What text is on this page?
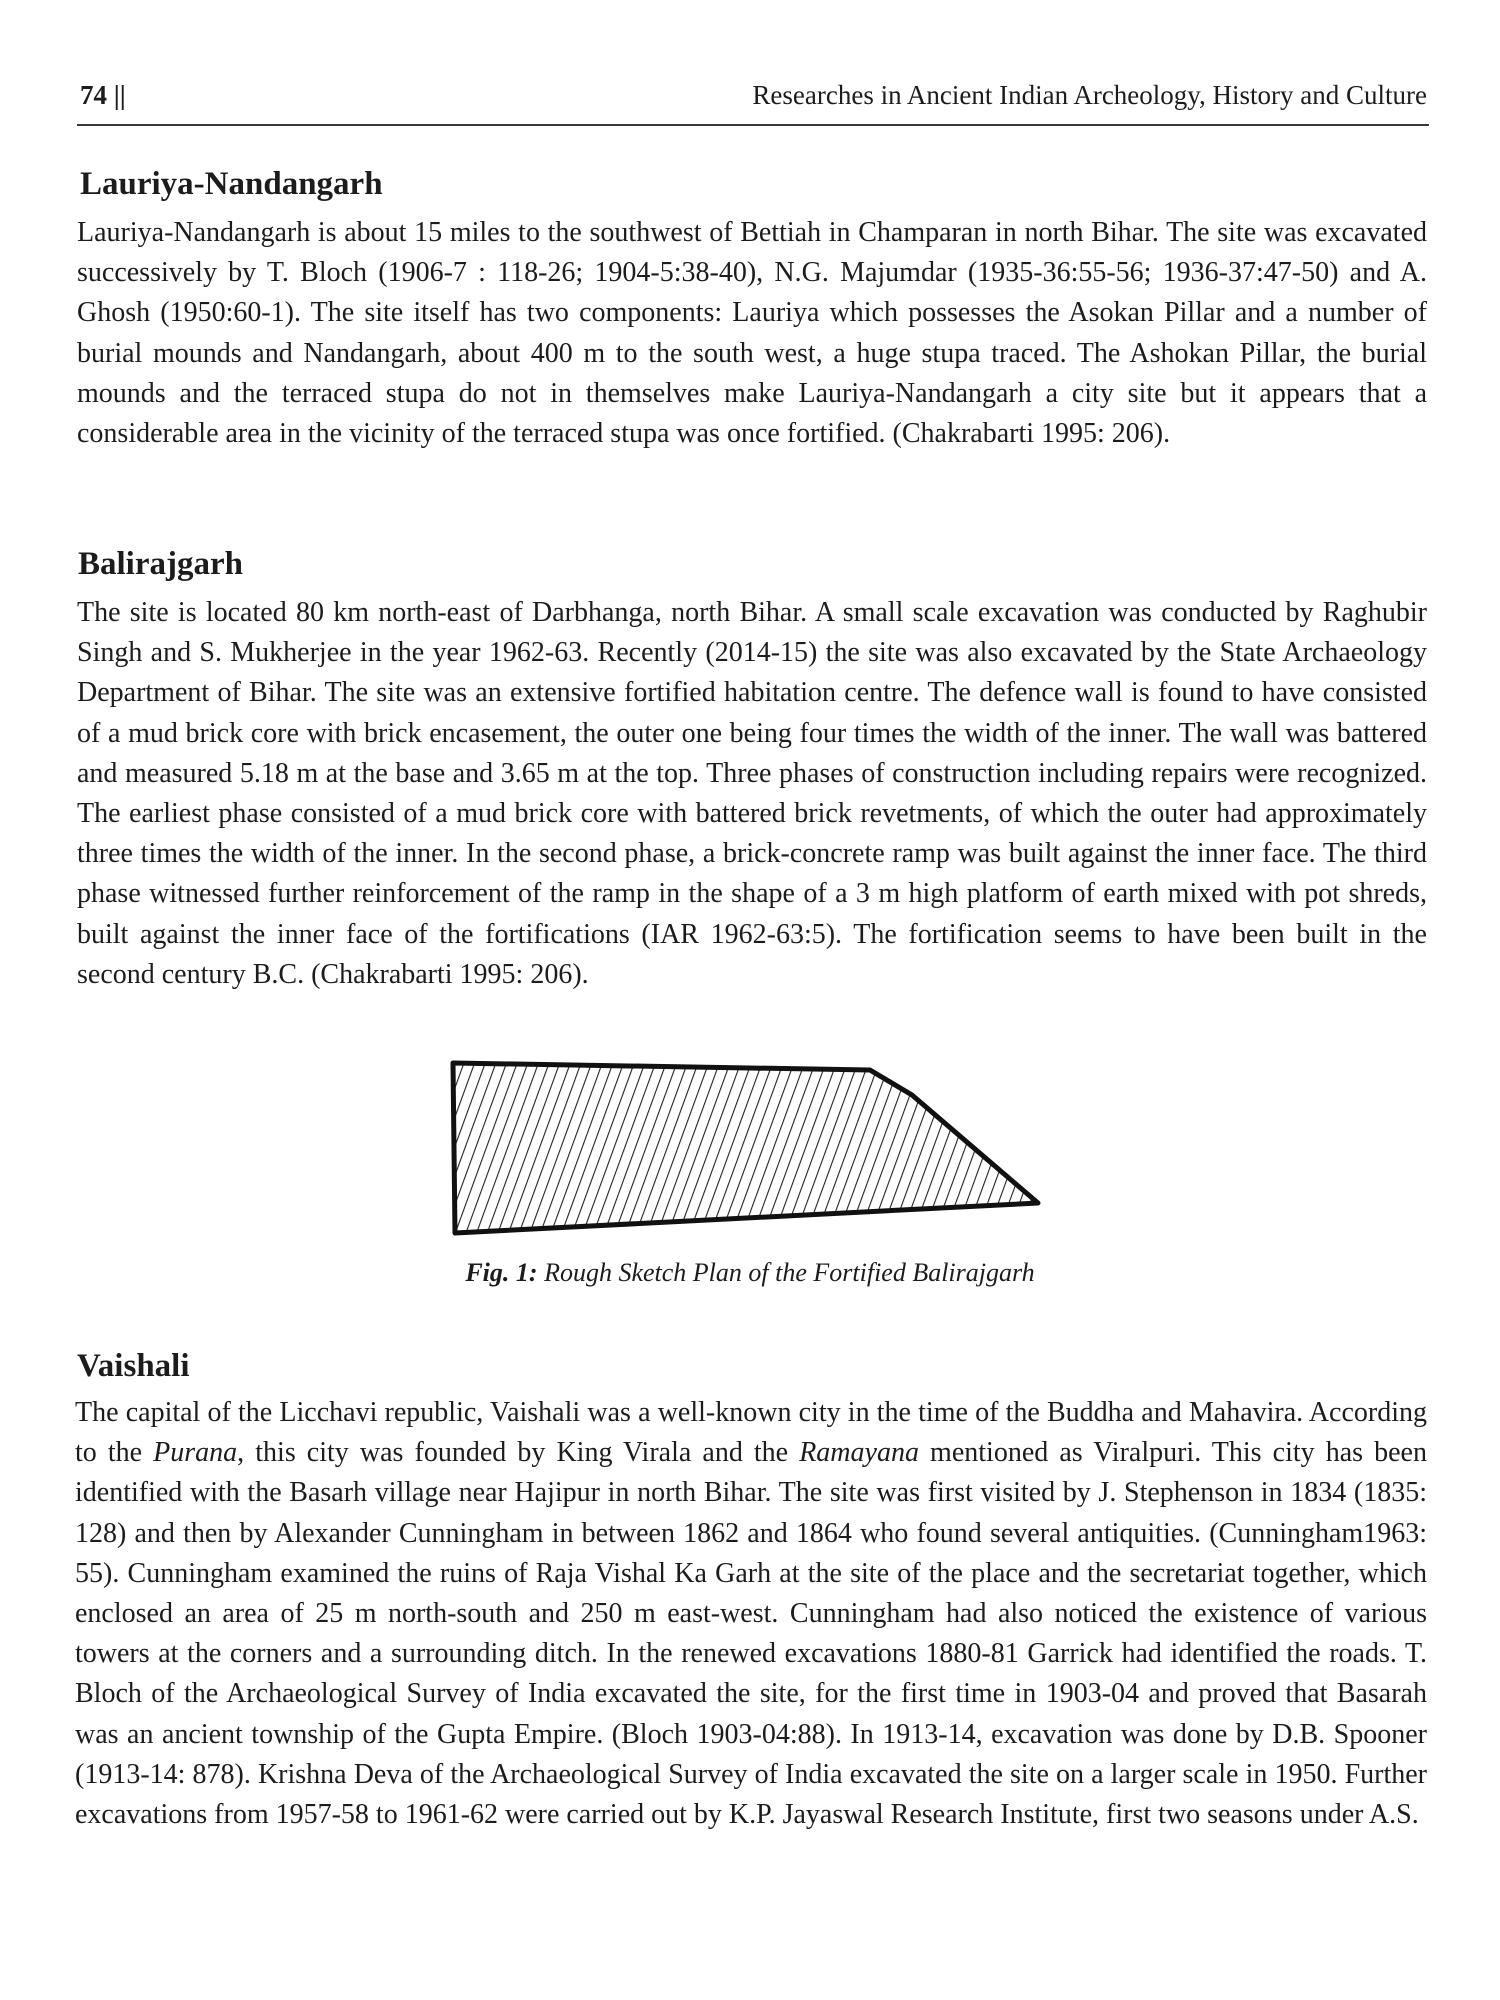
74 ||	Researches in Ancient Indian Archeology, History and Culture
Lauriya-Nandangarh

Lauriya-Nandangarh is about 15 miles to the southwest of Bettiah in Champaran in north Bihar. The site was excavated successively by T. Bloch (1906-7 : 118-26; 1904-5:38-40), N.G. Majumdar (1935-36:55-56; 1936-37:47-50) and A. Ghosh (1950:60-1). The site itself has two components: Lauriya which possesses the Asokan Pillar and a number of burial mounds and Nandangarh, about 400 m to the south west, a huge stupa traced. The Ashokan Pillar, the burial mounds and the terraced stupa do not in themselves make Lauriya-Nandangarh a city site but it appears that a considerable area in the vicinity of the terraced stupa was once fortified. (Chakrabarti 1995: 206).

Balirajgarh

The site is located 80 km north-east of Darbhanga, north Bihar. A small scale excavation was conducted by Raghubir Singh and S. Mukherjee in the year 1962-63. Recently (2014-15) the site was also excavated by the State Archaeology Department of Bihar. The site was an extensive fortified habitation centre. The defence wall is found to have consisted of a mud brick core with brick encasement, the outer one being four times the width of the inner. The wall was battered and measured 5.18 m at the base and 3.65 m at the top. Three phases of construction including repairs were recognized. The earliest phase consisted of a mud brick core with battered brick revetments, of which the outer had approximately three times the width of the inner. In the second phase, a brick-concrete ramp was built against the inner face. The third phase witnessed further reinforcement of the ramp in the shape of a 3 m high platform of earth mixed with pot shreds, built against the inner face of the fortifications (IAR 1962-63:5). The fortification seems to have been built in the second century B.C. (Chakrabarti 1995: 206).

Fig. 1: Rough Sketch Plan of the Fortified Balirajgarh
Vaishali

The capital of the Licchavi republic, Vaishali was a well-known city in the time of the Buddha and Mahavira. According to the Purana, this city was founded by King Virala and the Ramayana mentioned as Viralpuri. This city has been identified with the Basarh village near Hajipur in north Bihar. The site was first visited by J. Stephenson in 1834 (1835: 128) and then by Alexander Cunningham in between 1862 and 1864 who found several antiquities. (Cunningham1963: 55). Cunningham examined the ruins of Raja Vishal Ka Garh at the site of the place and the secretariat together, which enclosed an area of 25 m north-south and 250 m east-west. Cunningham had also noticed the existence of various towers at the corners and a surrounding ditch. In the renewed excavations 1880-81 Garrick had identified the roads. T. Bloch of the Archaeological Survey of India excavated the site, for the first time in 1903-04 and proved that Basarah was an ancient township of the Gupta Empire. (Bloch 1903-04:88). In 1913-14, excavation was done by D.B. Spooner (1913-14: 878). Krishna Deva of the Archaeological Survey of India excavated the site on a larger scale in 1950. Further excavations from 1957-58 to 1961-62 were carried out by K.P. Jayaswal Research Institute, first two seasons under A.S.
